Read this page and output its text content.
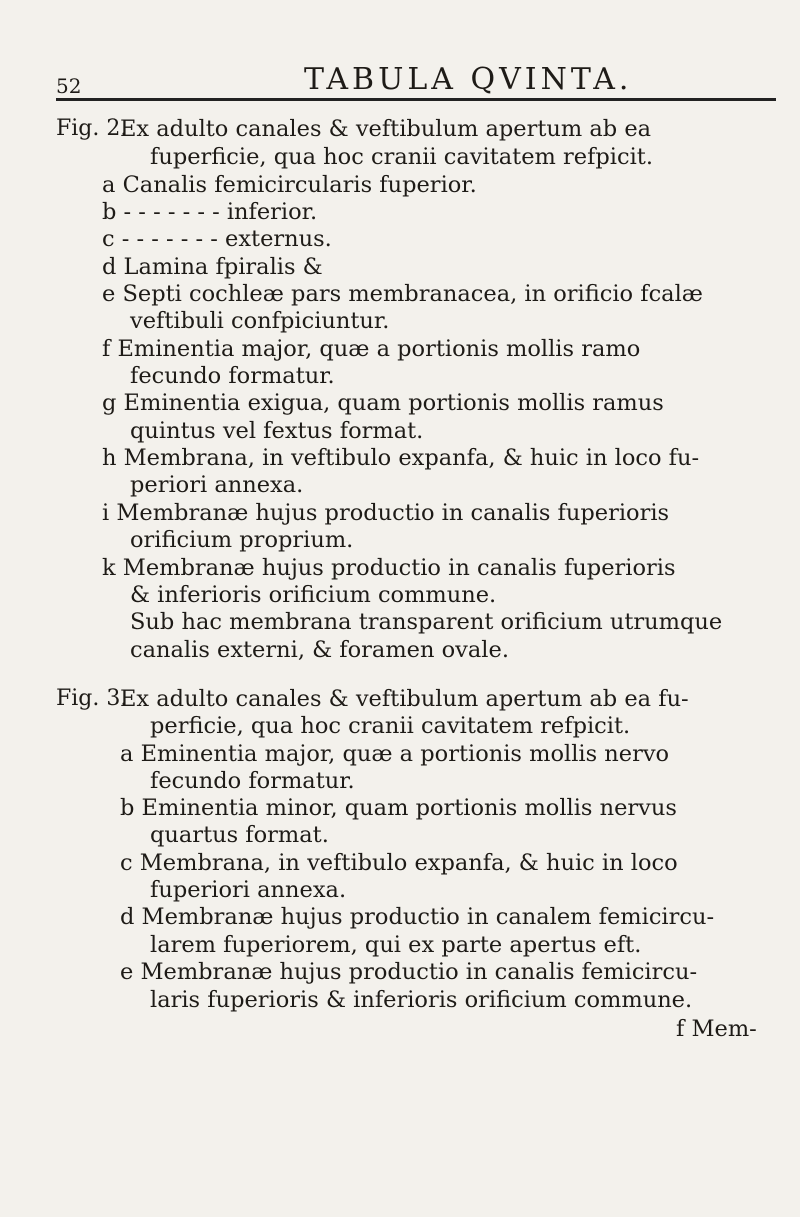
52	TABULA QVINTA.
Fig. 2.
Ex adulto canales & veftibulum apertum ab ea
fuperficie, qua hoc cranii cavitatem refpicit.
a Canalis femicircularis fuperior.
b - - - - - - - inferior.
c - - - - - - - externus.
d Lamina fpiralis &
e Septi cochleæ pars membranacea, in orificio fcalæ
veftibuli confpiciuntur.
f Eminentia major, quæ a portionis mollis ramo
fecundo formatur.
g Eminentia exigua, quam portionis mollis ramus
quintus vel fextus format.
h Membrana, in veftibulo expanfa, & huic in loco fu-
periori annexa.
i Membranæ hujus productio in canalis fuperioris
orificium proprium.
k Membranæ hujus productio in canalis fuperioris
& inferioris orificium commune.
Sub hac membrana transparent orificium utrumque
canalis externi, & foramen ovale.
Fig. 3.
Ex adulto canales & veftibulum apertum ab ea fu-
perficie, qua hoc cranii cavitatem refpicit.
a Eminentia major, quæ a portionis mollis nervo
fecundo formatur.
b Eminentia minor, quam portionis mollis nervus
quartus format.
c Membrana, in veftibulo expanfa, & huic in loco
fuperiori annexa.
d Membranæ hujus productio in canalem femicircu-
larem fuperiorem, qui ex parte apertus eft.
e Membranæ hujus productio in canalis femicircu-
laris fuperioris & inferioris orificium commune.
f Mem-
